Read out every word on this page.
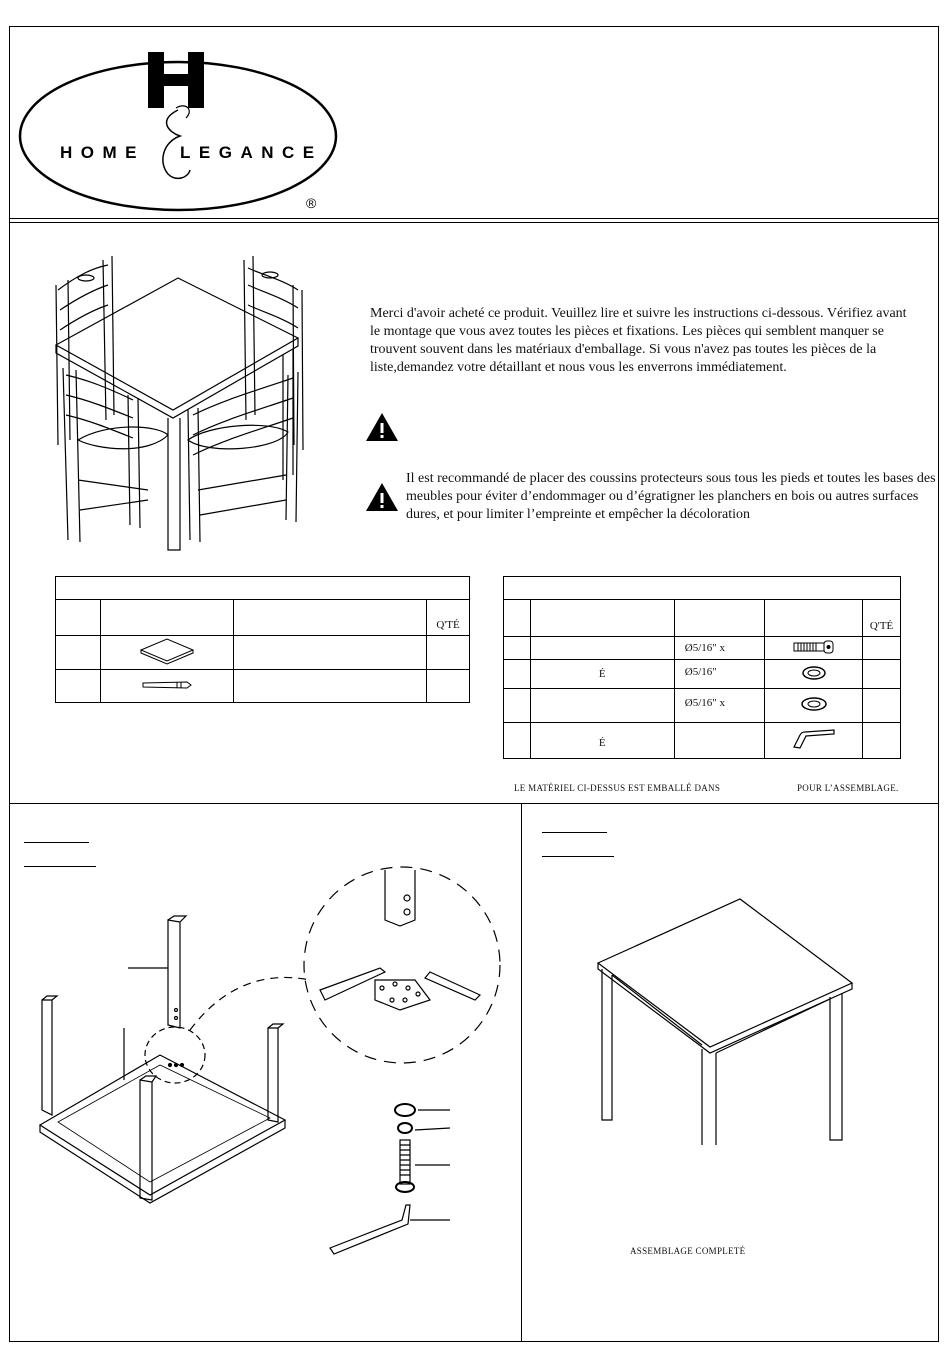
HOME LEGANCE
®
Merci d'avoir acheté ce produit. Veuillez lire et suivre les instructions ci-dessous. Vérifiez avant le montage que vous avez toutes les pièces et fixations. Les pièces qui semblent manquer se trouvent souvent dans les matériaux d'emballage. Si vous n'avez pas toutes les pièces de la liste,demandez votre détaillant et nous vous les enverrons immédiatement.
Il est recommandé de placer des coussins protecteurs sous tous les pieds et toutes les bases des meubles pour éviter d’endommager ou d’égratigner les planchers en bois ou autres surfaces dures, et pour limiter l’empreinte et empêcher la décoloration

			Q'TÉ

					Q'TÉ
		Ø5/16" x		
	É	Ø5/16"		
		Ø5/16" x		
	É			
LE MATÉRIEL CI-DESSUS EST EMBALLÉ DANS	POUR L’ASSEMBLAGE.
ASSEMBLAGE COMPLETÉ
